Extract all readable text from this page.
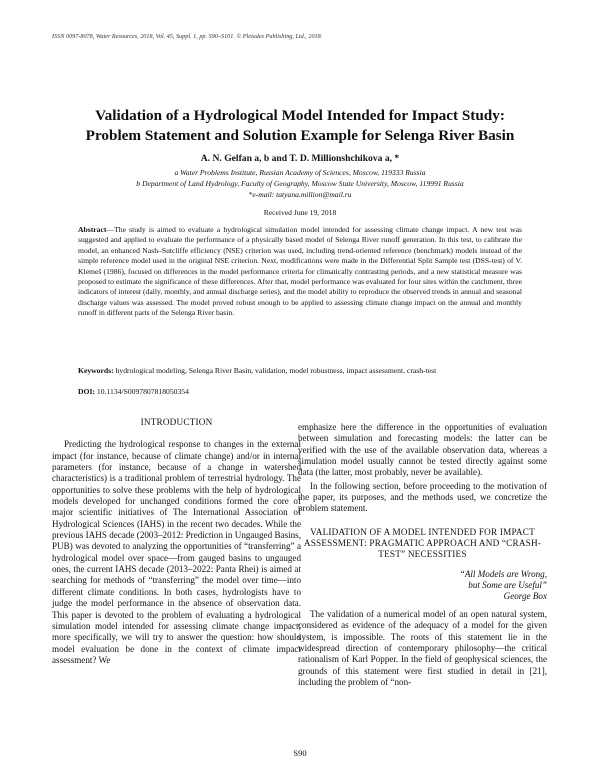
ISSN 0097-8078, Water Resources, 2018, Vol. 45, Suppl. 1, pp. S90–S101. © Pleiades Publishing, Ltd., 2018.
Validation of a Hydrological Model Intended for Impact Study:
Problem Statement and Solution Example for Selenga River Basin
A. N. Gelfan a, b and T. D. Millionshchikova a, *
a Water Problems Institute, Russian Academy of Sciences, Moscow, 119333 Russia
b Department of Land Hydrology, Faculty of Geography, Moscow State University, Moscow, 119991 Russia
*e-mail: tatyana.million@mail.ru
Received June 19, 2018
Abstract—The study is aimed to evaluate a hydrological simulation model intended for assessing climate change impact. A new test was suggested and applied to evaluate the performance of a physically based model of Selenga River runoff generation. In this test, to calibrate the model, an enhanced Nash–Sutcliffe efficiency (NSE) criterion was used, including trend-oriented reference (benchmark) models instead of the simple reference model used in the original NSE criterion. Next, modifications were made in the Differential Split Sample test (DSS-test) of V. Klemeš (1986), focused on differences in the model performance criteria for climatically contrasting periods, and a new statistical measure was proposed to estimate the significance of these differences. After that, model performance was evaluated for four sites within the catchment, three indicators of interest (daily, monthly, and annual discharge series), and the model ability to reproduce the observed trends in annual and seasonal discharge values was assessed. The model proved robust enough to be applied to assessing climate change impact on the annual and monthly runoff in different parts of the Selenga River basin.
Keywords: hydrological modeling, Selenga River Basin, validation, model robustness, impact assessment, crash-test
DOI: 10.1134/S0097807818050354
INTRODUCTION

Predicting the hydrological response to changes in the external impact (for instance, because of climate change) and/or in internal parameters (for instance, because of a change in watershed characteristics) is a traditional problem of terrestrial hydrology. The opportunities to solve these problems with the help of hydrological models developed for unchanged conditions formed the core of major scientific initiatives of The International Association of Hydrological Sciences (IAHS) in the recent two decades. While the previous IAHS decade (2003–2012: Prediction in Ungauged Basins, PUB) was devoted to analyzing the opportunities of “transferring” a hydrological model over space—from gauged basins to ungauged ones, the current IAHS decade (2013–2022: Panta Rhei) is aimed at searching for methods of “transferring” the model over time—into different climate conditions. In both cases, hydrologists have to judge the model performance in the absence of observation data. This paper is devoted to the problem of evaluating a hydrological simulation model intended for assessing climate change impact; more specifically, we will try to answer the question: how should model evaluation be done in the context of climate impact assessment? We

emphasize here the difference in the opportunities of evaluation between simulation and forecasting models: the latter can be verified with the use of the available observation data, whereas a simulation model usually cannot be tested directly against some data (the latter, most probably, never be available).

In the following section, before proceeding to the motivation of the paper, its purposes, and the methods used, we concretize the problem statement.

VALIDATION OF A MODEL INTENDED FOR IMPACT ASSESSMENT: PRAGMATIC APPROACH AND “CRASH-TEST” NECESSITIES
“All Models are Wrong,
but Some are Useful”
George Box

The validation of a numerical model of an open natural system, considered as evidence of the adequacy of a model for the given system, is impossible. The roots of this statement lie in the widespread direction of contemporary philosophy—the critical rationalism of Karl Popper. In the field of geophysical sciences, the grounds of this statement were first studied in detail in [21], including the problem of “non-

S90
